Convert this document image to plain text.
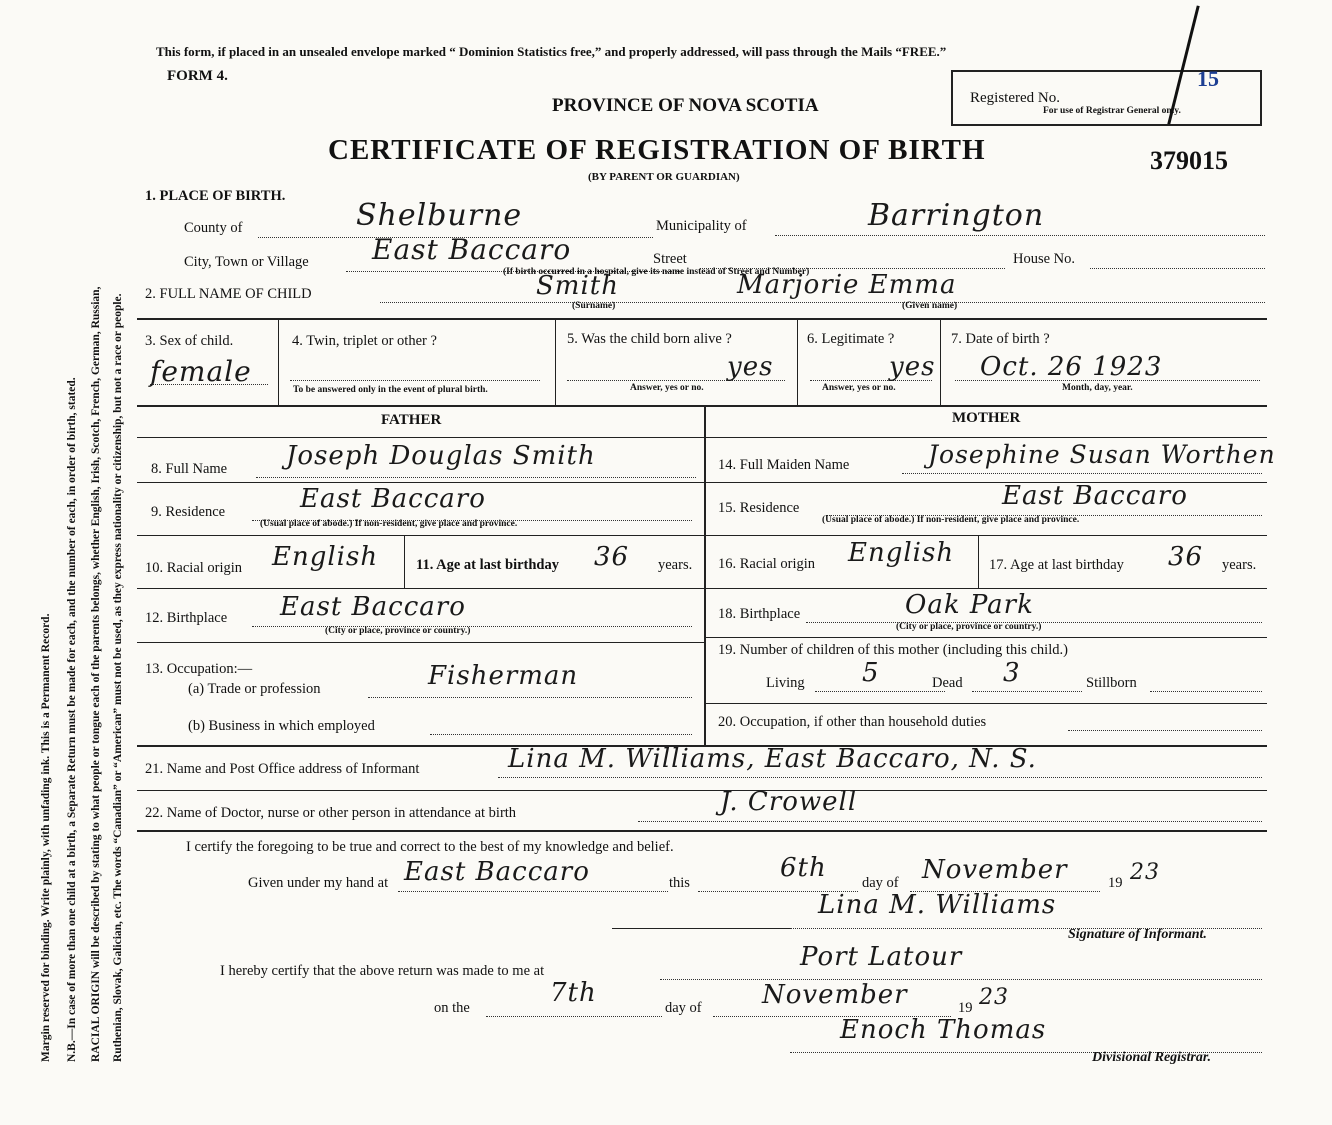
Margin reserved for binding. Write plainly, with unfading ink. This is a Permanent Record. N.B.—In case of more than one child at a birth, a Separate Return must be made for each, and the number of each, in order of birth, stated. RACIAL ORIGIN will be described by stating to what people or tongue each of the parents belongs, whether English, Irish, Scotch, French, German, Russian, Ruthenian, Slovak, Galician, etc. The words “Canadian” or “American” must not be used, as they express nationality or citizenship, but not a race or people.
This form, if placed in an unsealed envelope marked “ Dominion Statistics free,” and properly addressed, will pass through the Mails “FREE.”
FORM 4.
PROVINCE OF NOVA SCOTIA
CERTIFICATE OF REGISTRATION OF BIRTH
(BY PARENT OR GUARDIAN)
379015
Registered No.
15
For use of Registrar General only.
1. PLACE OF BIRTH.
County of	Shelburne	Municipality of	Barrington
City, Town or Village East Baccaro	Street	House No.
(If birth occurred in a hospital, give its name instead of Street and Number)
2. FULL NAME OF CHILD	Smith	Marjorie Emma
(Surname)	(Given name)
3. Sex of child.
female
4. Twin, triplet or other ?
To be answered only in the event of plural birth.
5. Was the child born alive ?
yes
Answer, yes or no.
6. Legitimate ?
yes
Answer, yes or no.
7. Date of birth ?
Oct. 26 1923
Month, day, year.
FATHER	MOTHER
8. Full Name Joseph Douglas Smith
9. Residence	East Baccaro
(Usual place of abode.) If non-resident, give place and province.
10. Racial origin English	11. Age at last birthday 36 years.
12. Birthplace East Baccaro
(City or place, province or country.)
13. Occupation:—
(a) Trade or profession	Fisherman
(b) Business in which employed
14. Full Maiden Name	Josephine Susan Worthen
15. Residence	East Baccaro
(Usual place of abode.) If non-resident, give place and province.
16. Racial origin English 17. Age at last birthday 36 years.
18. Birthplace	Oak Park
(City or place, province or country.)
19. Number of children of this mother (including this child.)
Living 5	Dead 3	Stillborn
20. Occupation, if other than household duties
21. Name and Post Office address of Informant	Lina M. Williams, East Baccaro, N. S.
22. Name of Doctor, nurse or other person in attendance at birth	J. Crowell
I certify the foregoing to be true and correct to the best of my knowledge and belief.
Given under my hand at East Baccaro	this	6th day of November	19 23
Lina M. Williams
Signature of Informant.
I hereby certify that the above return was made to me at	Port Latour
on the	7th	day of November	19 23
Enoch Thomas
Divisional Registrar.
